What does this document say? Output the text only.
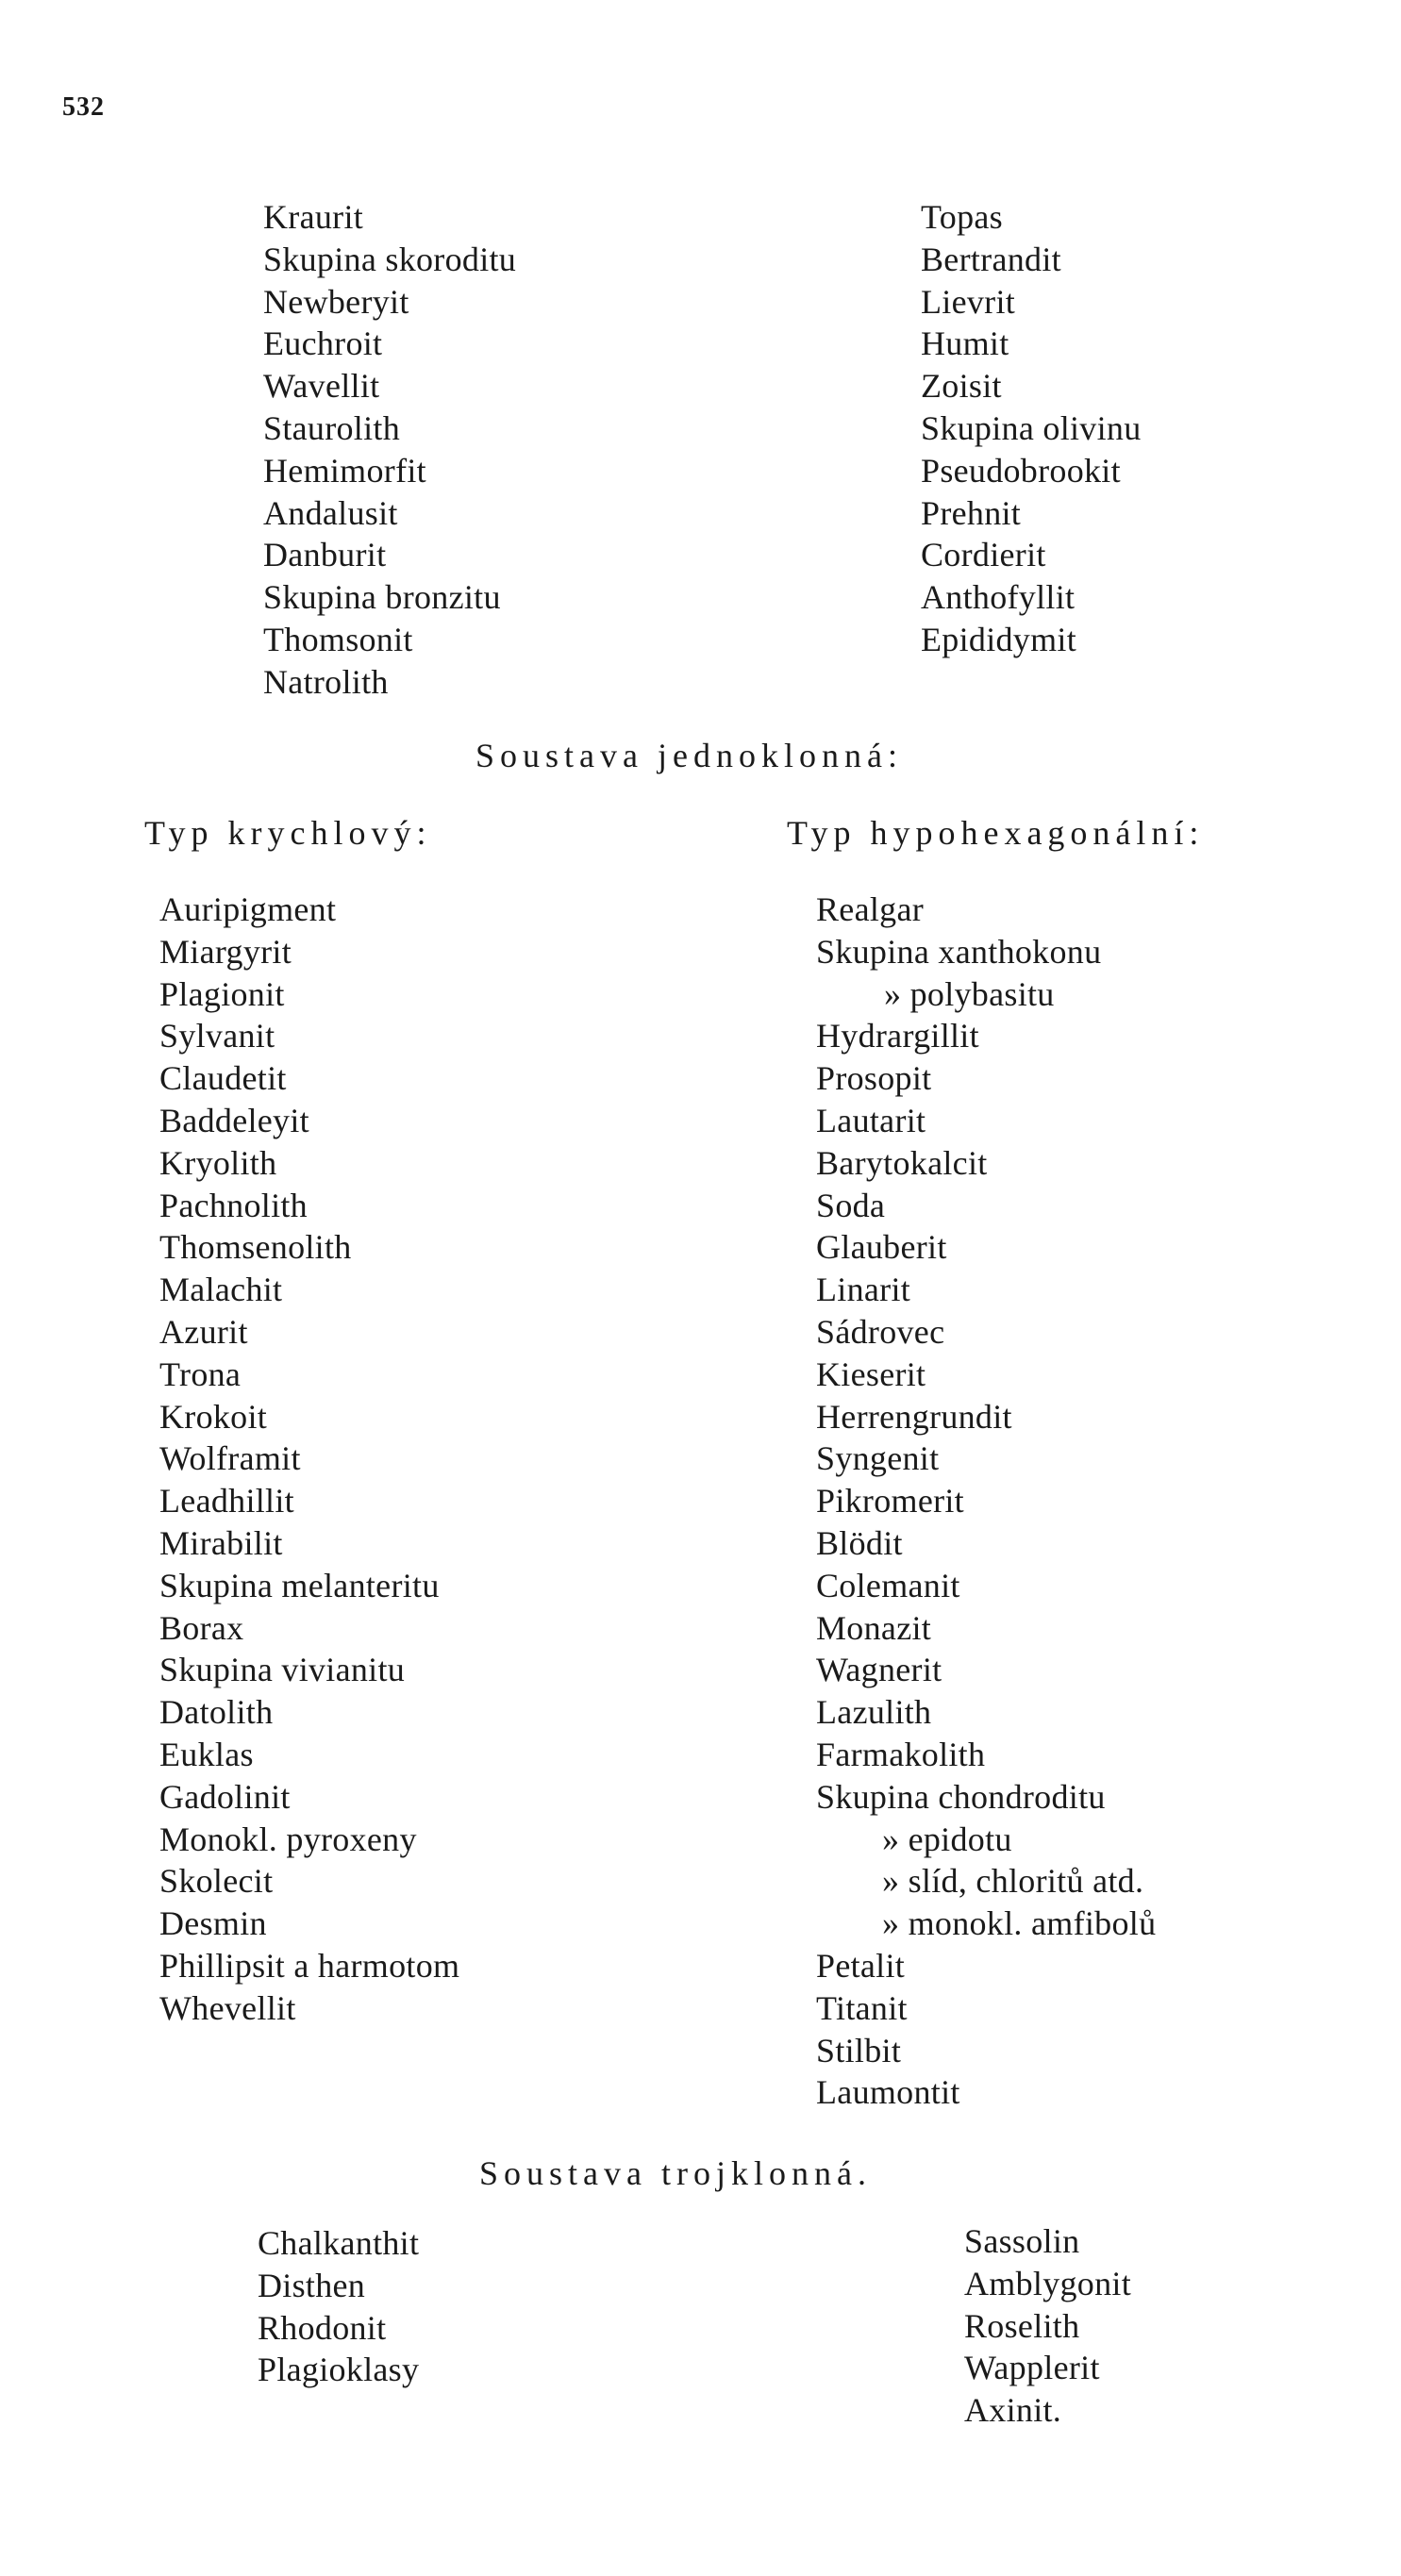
532
Kraurit
Skupina skoroditu
Newberyit
Euchroit
Wavellit
Staurolith
Hemimorfit
Andalusit
Danburit
Skupina bronzitu
Thomsonit
Natrolith
Topas
Bertrandit
Lievrit
Humit
Zoisit
Skupina olivinu
Pseudobrookit
Prehnit
Cordierit
Anthofyllit
Epididymit
Soustava jednoklonná:
Typ krychlový:	Typ hypohexagonální:
Auripigment
Miargyrit
Plagionit
Sylvanit
Claudetit
Baddeleyit
Kryolith
Pachnolith
Thomsenolith
Malachit
Azurit
Trona
Krokoit
Wolframit
Leadhillit
Mirabilit
Skupina melanteritu
Borax
Skupina vivianitu
Datolith
Euklas
Gadolinit
Monokl. pyroxeny
Skolecit
Desmin
Phillipsit a harmotom
Whevellit
Realgar
Skupina xanthokonu
» polybasitu
Hydrargillit
Prosopit
Lautarit
Barytokalcit
Soda
Glauberit
Linarit
Sádrovec
Kieserit
Herrengrundit
Syngenit
Pikromerit
Blödit
Colemanit
Monazit
Wagnerit
Lazulith
Farmakolith
Skupina chondroditu
» epidotu
» slíd, chloritů atd.
» monokl. amfibolů
Petalit
Titanit
Stilbit
Laumontit
Soustava trojklonná.
Chalkanthit
Disthen
Rhodonit
Plagioklasy
Sassolin
Amblygonit
Roselith
Wapplerit
Axinit.
